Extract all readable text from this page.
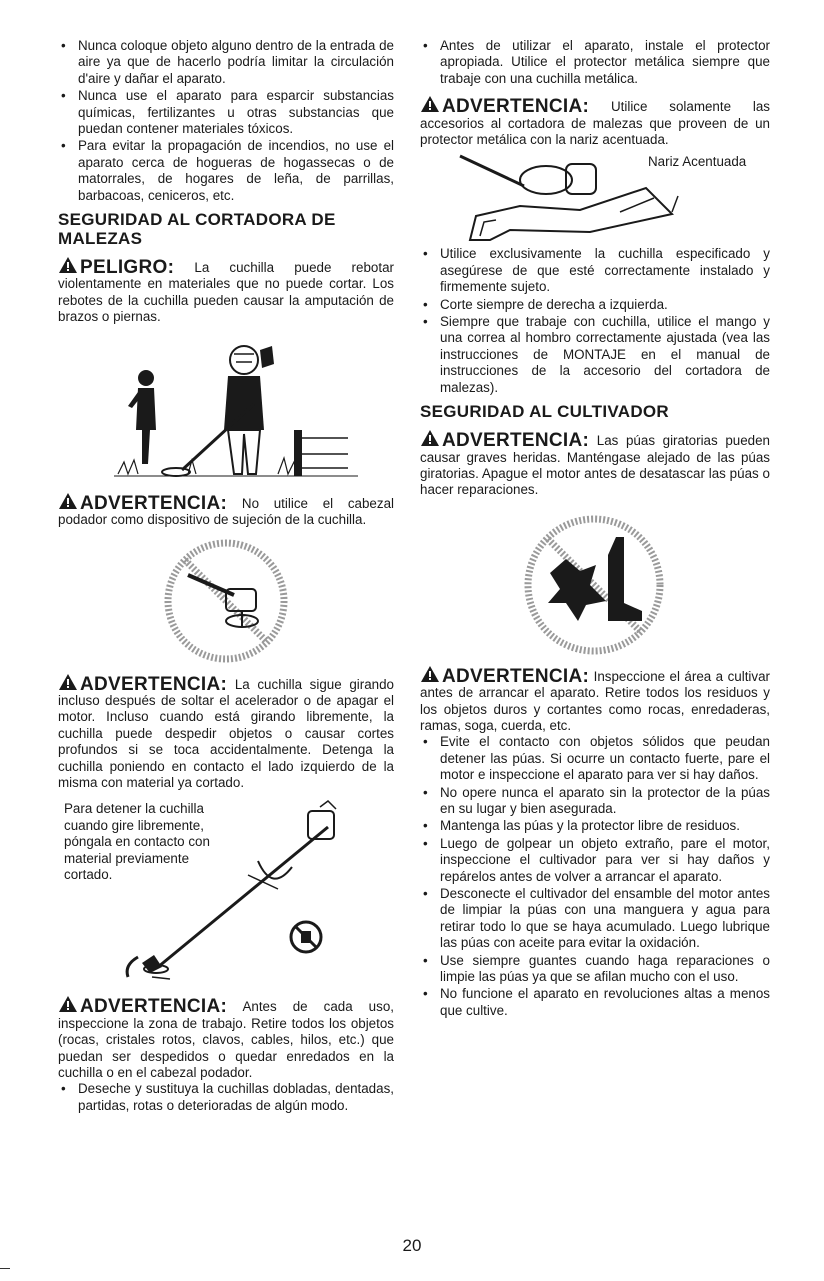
• Nunca coloque objeto alguno dentro de la entrada de aire ya que de hacerlo podría limitar la circulación d'aire y dañar el aparato.
• Nunca use el aparato para esparcir substancias químicas, fertilizantes u otras substancias que puedan contener materiales tóxicos.
• Para evitar la propagación de incendios, no use el aparato cerca de hogueras de hogassecas o de matorrales, de hogares de leña, de parrillas, barbacoas, ceniceros, etc.
SEGURIDAD AL CORTADORA DE MALEZAS

PELIGRO: La cuchilla puede rebotar violentamente en materiales que no puede cortar. Los rebotes de la cuchilla pueden causar la amputación de brazos o piernas.

ADVERTENCIA: No utilice el cabezal podador como dispositivo de sujeción de la cuchilla.

ADVERTENCIA: La cuchilla sigue girando incluso después de soltar el acelerador o de apagar el motor. Incluso cuando está girando libremente, la cuchilla puede despedir objetos o causar cortes profundos si se toca accidentalmente. Detenga la cuchilla poniendo en contacto el lado izquierdo de la misma con material ya cortado.

Para detener la cuchilla cuando gire libremente, póngala en contacto con material previamente cortado.

ADVERTENCIA: Antes de cada uso, inspeccione la zona de trabajo. Retire todos los objetos (rocas, cristales rotos, clavos, cables, hilos, etc.) que puedan ser despedidos o quedar enredados en la cuchilla o en el cabezal podador.

• Deseche y sustituya la cuchillas dobladas, dentadas, partidas, rotas o deterioradas de algún modo.
• Antes de utilizar el aparato, instale el protector apropiada. Utilice el protector metálica siempre que trabaje con una cuchilla metálica.

ADVERTENCIA: Utilice solamente las accesorios al cortadora de malezas que proveen de un protector metálica con la nariz acentuada.

Nariz Acentuada
• Utilice exclusivamente la cuchilla especificado y asegúrese de que esté correctamente instalado y firmemente sujeto.
• Corte siempre de derecha a izquierda.
• Siempre que trabaje con cuchilla, utilice el mango y una correa al hombro correctamente ajustada (vea las instrucciones de MONTAJE en el manual de instrucciones de la accesorio del cortadora de malezas).
SEGURIDAD AL CULTIVADOR

ADVERTENCIA: Las púas giratorias pueden causar graves heridas. Manténgase alejado de las púas giratorias. Apague el motor antes de desatascar las púas o hacer reparaciones.

ADVERTENCIA: Inspeccione el área a cultivar antes de arrancar el aparato. Retire todos los residuos y los objetos duros y cortantes como rocas, enredaderas, ramas, soga, cuerda, etc.

• Evite el contacto con objetos sólidos que peudan detener las púas. Si ocurre un contacto fuerte, pare el motor e inspeccione el aparato para ver si hay daños.
• No opere nunca el aparato sin la protector de la púas en su lugar y bien asegurada.
• Mantenga las púas y la protector libre de residuos.
• Luego de golpear un objeto extraño, pare el motor, inspeccione el cultivador para ver si hay daños y repárelos antes de volver a arrancar el aparato.
• Desconecte el cultivador del ensamble del motor antes de limpiar la púas con una manguera y agua para retirar todo lo que se haya acumulado. Luego lubrique las púas con aceite para evitar la oxidación.
• Use siempre guantes cuando haga reparaciones o limpie las púas ya que se afilan mucho con el uso.
• No funcione el aparato en revoluciones altas a menos que cultive.
20
